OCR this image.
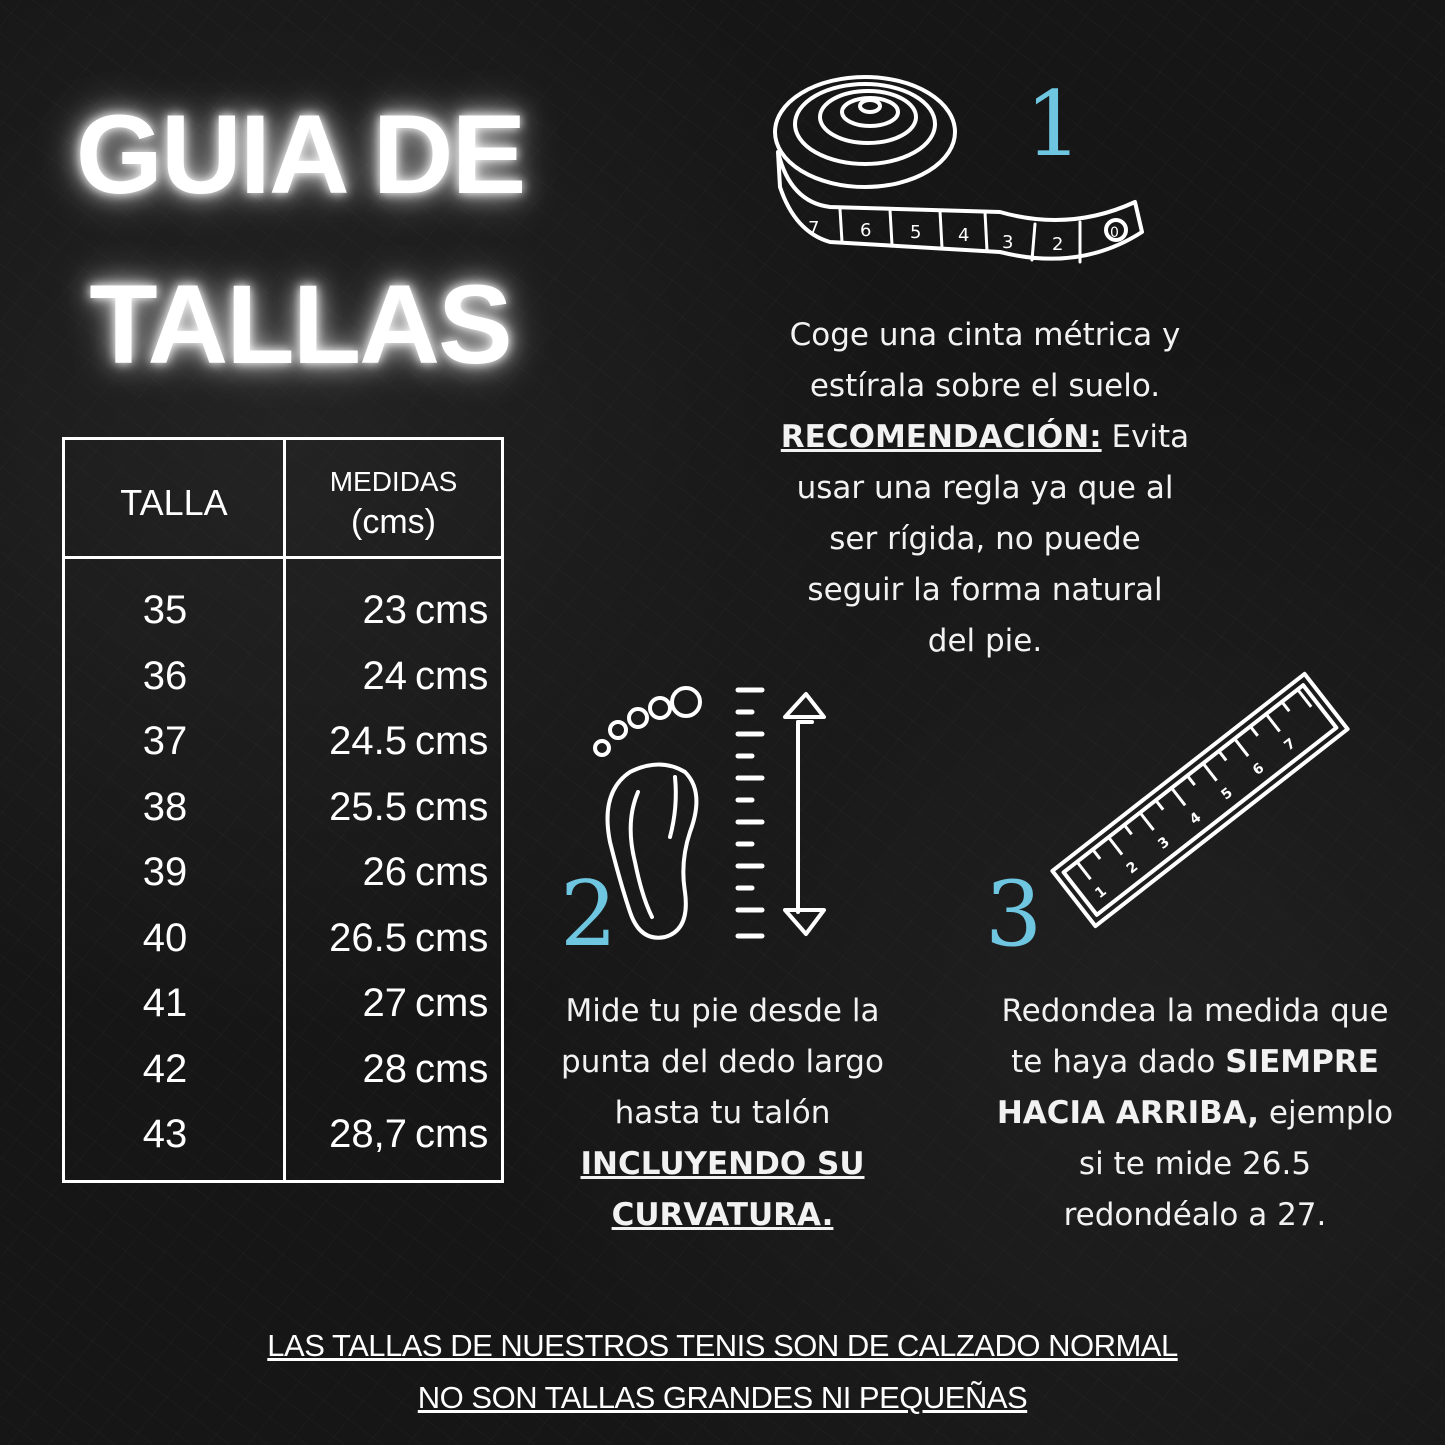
GUIA DE
TALLAS
TALLA
MEDIDAS
(cms)
35	23 cms
36	24 cms
37	24.5 cms
38	25.5 cms
39	26 cms
40	26.5 cms
41	27 cms
42	28 cms
43	28,7 cms
7 6 5 4 3 2
0
1
Coge una cinta métrica y
estírala sobre el suelo.
RECOMENDACIÓN: Evita
usar una regla ya que al
ser rígida, no puede
seguir la forma natural
del pie.
2
Mide tu pie desde la
punta del dedo largo
hasta tu talón
INCLUYENDO SU
CURVATURA.
1
2
3
4
5
6
7
3
Redondea la medida que
te haya dado SIEMPRE
HACIA ARRIBA, ejemplo
si te mide 26.5
redondéalo a 27.
LAS TALLAS DE NUESTROS TENIS SON DE CALZADO NORMAL
NO SON TALLAS GRANDES NI PEQUEÑAS
